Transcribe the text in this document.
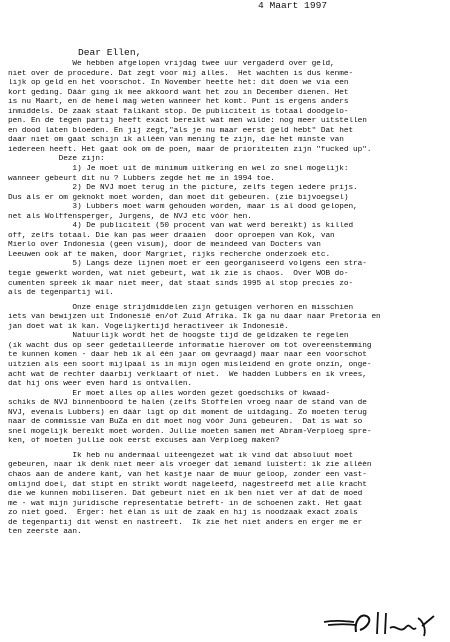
4 Maart 1997
Dear Ellen,
We hebben afgelopen vrijdag twee uur vergaderd over geld,
niet over de procedure. Dat zegt voor mij alles.  Het wachten is dus kenme-
lijk op geld en het voorschot. In November heette het: dit doen we via een
kort geding. Dáár ging ik mee akkoord want het zou in December dienen. Het
is nu Maart, en de hemel mag weten wanneer het komt. Punt is ergens anders
inmiddels. De zaak staat falikant stop. De publiciteit is totaal doodgelo-
pen. En de tegen partij heeft exact bereikt wat men wilde: nog meer uitstellen
en dood laten bloeden. En jij zegt,"als je nu maar eerst geld hebt" Dat het
daar niet om gaat schijn ik alléén van mening te zijn, die het minste van
iedereen heeft. Het gaat ook om de poen, maar de prioriteiten zijn "fucked up".
Deze zijn:
1) Je moet uit de minimum uitkering en wel zo snel mogelijk:
wanneer gebeurt dit nu ? Lubbers zegde het me in 1994 toe.
2) De NVJ moet terug in the picture, zelfs tegen iedere prijs.
Dus als er om geknokt moet worden, dan moet dit gebeuren. (zie bijvoegsel)
3) Lubbers moet warm gehouden worden, maar is al dood gelopen,
net als Wolffensperger, Jurgens, de NVJ etc vóór hen.
4) De publiciteit (50 procent van wat werd bereikt) is killed
off, zelfs totaal. Die kan pas weer draaien  door oproepen van Kok, van
Mierlo over Indonesia (geen visum), door de meindeed van Docters van
Leeuwen ook af te maken, door Margriet, rijks recherche onderzoek etc.
5) Langs deze lijnen moet er een georganiseerd volgens een stra-
tegie gewerkt worden, wat niet gebeurt, wat ik zie is chaos.  Over WOB do-
cumenten spreek ik maar niet meer, dat staat sinds 1995 al stop precies zo-
als de tegenpartij wil.
Onze enige strijdmiddelen zijn getuigen verhoren en misschien
iets van bewijzen uit Indonesië en/of Zuid Afrika. Ik ga nu daar naar Pretoria en
jan doet wat ik kan. Vogelijkertijd heractiveer ik Indonesië.
Natuurlijk wordt het de hoogste tijd de geldzaken te regelen
(ik wacht dus op seer gedetailleerde informatie hierover om tot overeenstemming
te kunnen komen - daar heb ik al één jaar om gevraagd) maar naar een voorschot
uitzien als een soort mijlpaal is in mijn ogen misleidend en grote onzin, onge-
acht wat de rechter daarbij verklaart of niet.  We hadden Lubbers en ik vrees,
dat hij ons weer even hard is ontvallen.
Er moet alles op alles worden gezet goedschiks of kwaad-
schiks de NVJ binnenboord te halen (zelfs Stoffelen vroeg naar de stand van de
NVJ, evenals Lubbers) en dáár ligt op dit moment de uitdaging. Zo moeten terug
naar de commissie van BuZa en dit moet nog vóór Juni gebeuren.  Dat is wat so
snel mogelijk bereikt moet worden. Jullie moeten samen met Abram-Verploeg spre-
ken, of moeten jullie ook eerst excuses aan Verploeg maken?
Ik heb nu andermaal uiteengezet wat ik vind dat absoluut moet
gebeuren, naar ik denk niet meer als vroeger dat iemand luistert: ik zie alléén
chaos aan de andere kant, van het kastje naar de muur geloop, zonder een vast-
omlijnd doel, dat stipt en strikt wordt nageleefd, nagestreefd met alle kracht
die we kunnen mobiliseren. Dat gebeurt niet en ik ben niet ver af dat de moed
me - wat mijn juridische representatie betreft- in de schoenen zakt. Het gaat
zo niet goed.  Erger: het élan is uit de zaak en hij is noodzaak exact zoals
de tegenpartij dit wenst en nastreeft.  Ik zie het niet anders en erger me er
ten zeerste aan.
